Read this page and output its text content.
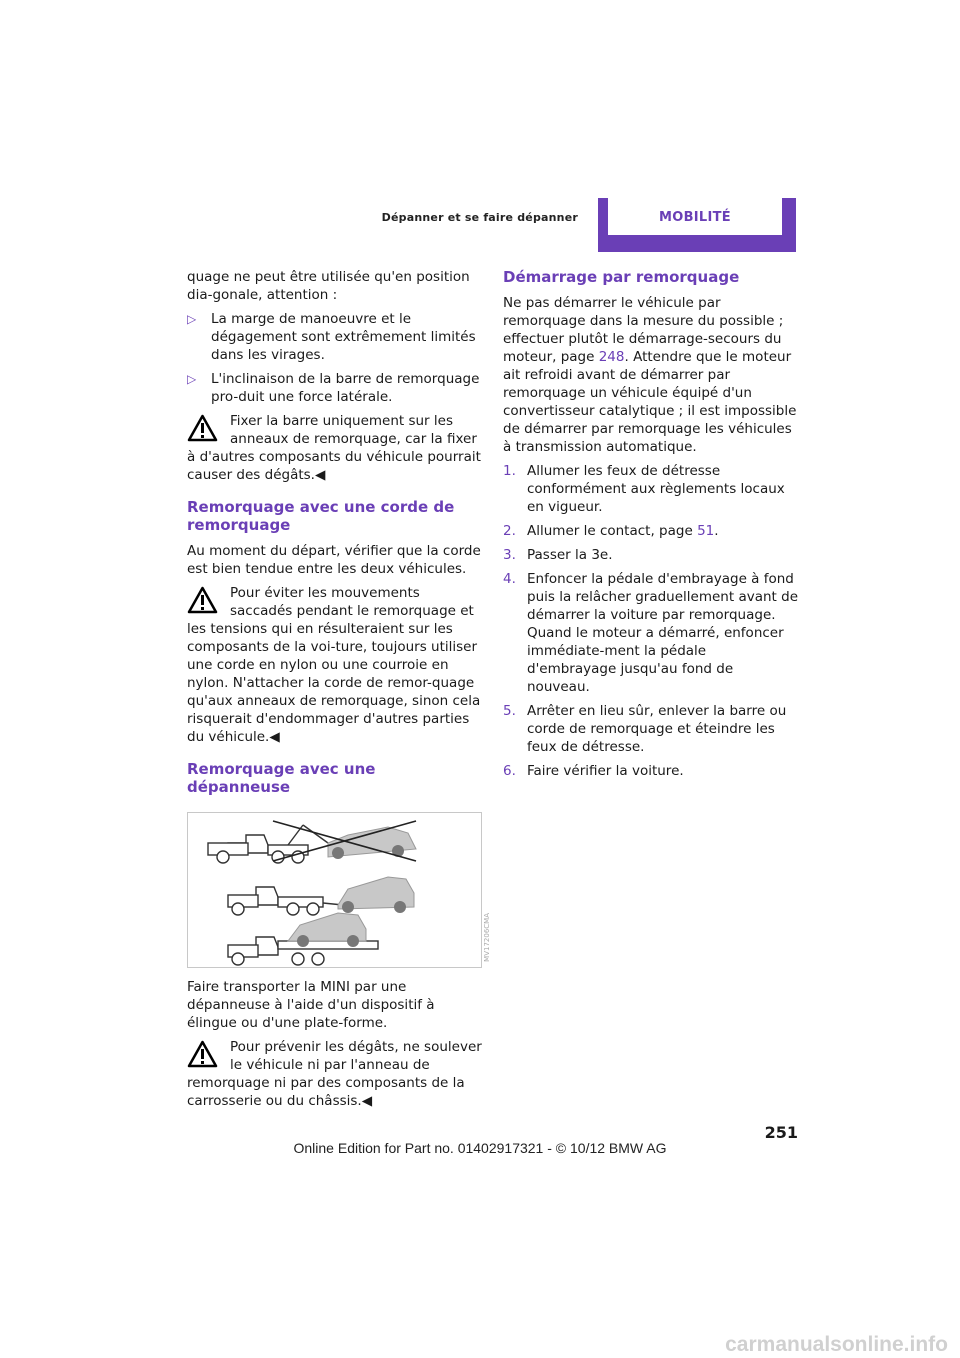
Dépanner et se faire dépanner	MOBILITÉ

quage ne peut être utilisée qu'en position dia-gonale, attention :

▷ La marge de manoeuvre et le dégagement sont extrêmement limités dans les virages.
▷ L'inclinaison de la barre de remorquage pro-duit une force latérale.
Fixer la barre uniquement sur les anneaux de remorquage, car la fixer à d'autres composants du véhicule pourrait causer des dégâts.◀
Remorquage avec une corde de remorquage

Au moment du départ, vérifier que la corde est bien tendue entre les deux véhicules.

Pour éviter les mouvements saccadés pendant le remorquage et les tensions qui en résulteraient sur les composants de la voi-ture, toujours utiliser une corde en nylon ou une courroie en nylon. N'attacher la corde de remor-quage qu'aux anneaux de remorquage, sinon cela risquerait d'endommager d'autres parties du véhicule.◀
Remorquage avec une dépanneuse
MV17206CMA

Faire transporter la MINI par une dépanneuse à l'aide d'un dispositif à élingue ou d'une plate-forme.

Pour prévenir les dégâts, ne soulever le véhicule ni par l'anneau de remorquage ni par des composants de la carrosserie ou du châssis.◀
Démarrage par remorquage

Ne pas démarrer le véhicule par remorquage dans la mesure du possible ; effectuer plutôt le démarrage-secours du moteur, page 248. Attendre que le moteur ait refroidi avant de démarrer par remorquage un véhicule équipé d'un convertisseur catalytique ; il est impossible de démarrer par remorquage les véhicules à transmission automatique.

1. Allumer les feux de détresse conformément aux règlements locaux en vigueur.
2. Allumer le contact, page 51.
3. Passer la 3e.
4. Enfoncer la pédale d'embrayage à fond puis la relâcher graduellement avant de démarrer la voiture par remorquage. Quand le moteur a démarré, enfoncer immédiate-ment la pédale d'embrayage jusqu'au fond de nouveau.
5. Arrêter en lieu sûr, enlever la barre ou corde de remorquage et éteindre les feux de détresse.
6. Faire vérifier la voiture.
251
Online Edition for Part no. 01402917321 - © 10/12 BMW AG
carmanualsonline.info
